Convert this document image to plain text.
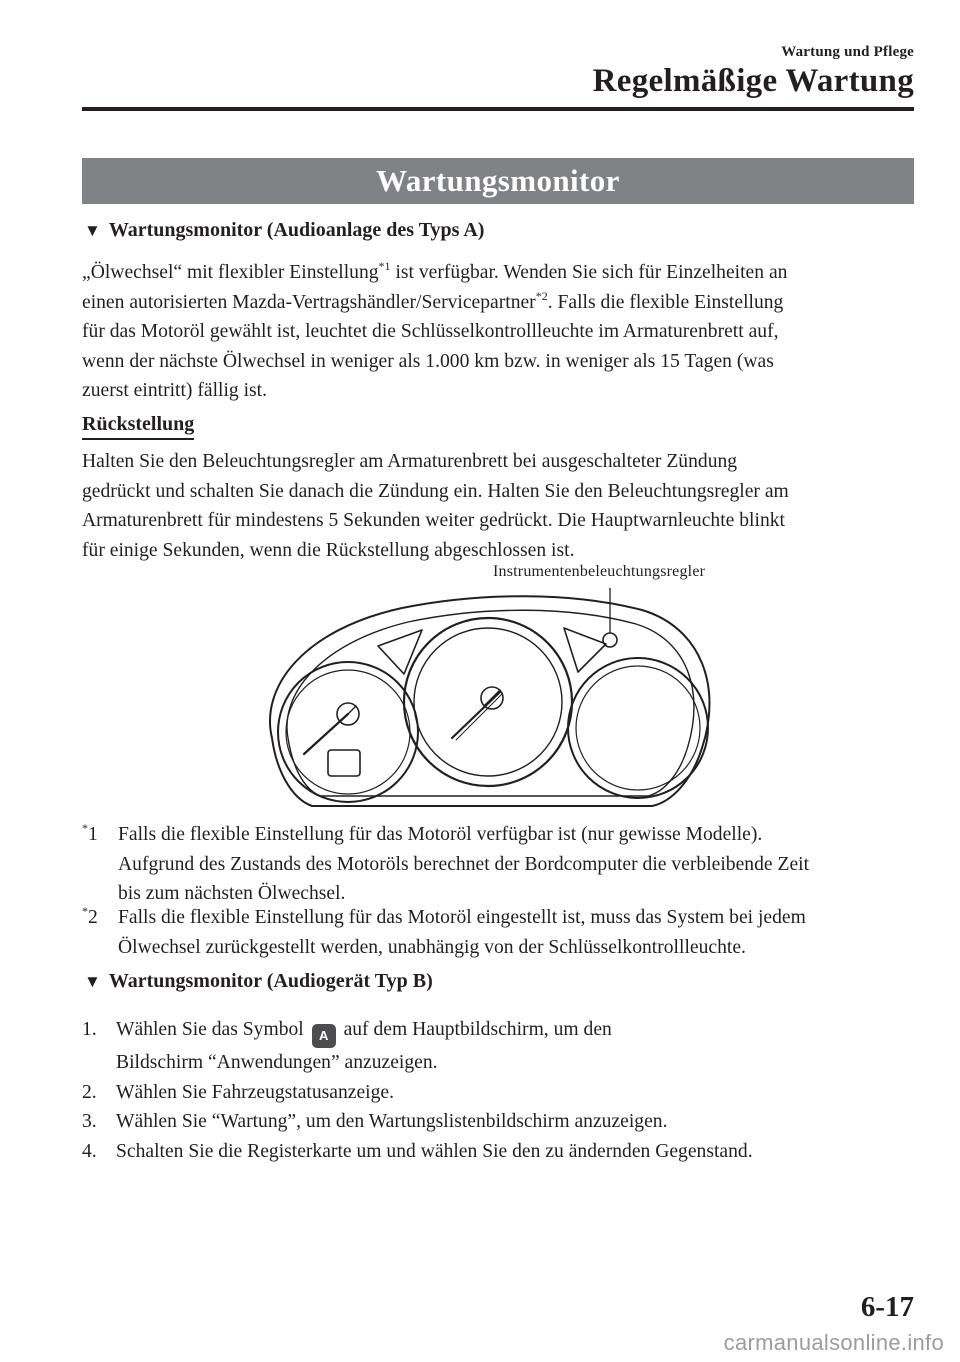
Wartung und Pflege
Regelmäßige Wartung
Wartungsmonitor
▼ Wartungsmonitor (Audioanlage des Typs A)

„Ölwechsel“ mit flexibler Einstellung$^{*1}$ ist verfügbar. Wenden Sie sich für Einzelheiten an

einen autorisierten Mazda-Vertragshändler/Servicepartner$^{*2}$. Falls die flexible Einstellung

für das Motoröl gewählt ist, leuchtet die Schlüsselkontrollleuchte im Armaturenbrett auf,

wenn der nächste Ölwechsel in weniger als 1.000 km bzw. in weniger als 15 Tagen (was

zuerst eintritt) fällig ist.

Rückstellung

Halten Sie den Beleuchtungsregler am Armaturenbrett bei ausgeschalteter Zündung

gedrückt und schalten Sie danach die Zündung ein. Halten Sie den Beleuchtungsregler am

Armaturenbrett für mindestens 5 Sekunden weiter gedrückt. Die Hauptwarnleuchte blinkt

für einige Sekunden, wenn die Rückstellung abgeschlossen ist.

Instrumentenbeleuchtungsregler
*1 Falls die flexible Einstellung für das Motoröl verfügbar ist (nur gewisse Modelle).

Aufgrund des Zustands des Motoröls berechnet der Bordcomputer die verbleibende Zeit

bis zum nächsten Ölwechsel.

*2 Falls die flexible Einstellung für das Motoröl eingestellt ist, muss das System bei jedem

Ölwechsel zurückgestellt werden, unabhängig von der Schlüsselkontrollleuchte.

▼ Wartungsmonitor (Audiogerät Typ B)
1. Wählen Sie das Symbol A auf dem Hauptbildschirm, um den
Bildschirm “Anwendungen” anzuzeigen.
2. Wählen Sie Fahrzeugstatusanzeige.
3. Wählen Sie “Wartung”, um den Wartungslistenbildschirm anzuzeigen.
4. Schalten Sie die Registerkarte um und wählen Sie den zu ändernden Gegenstand.
6-17
carmanualsonline.info
